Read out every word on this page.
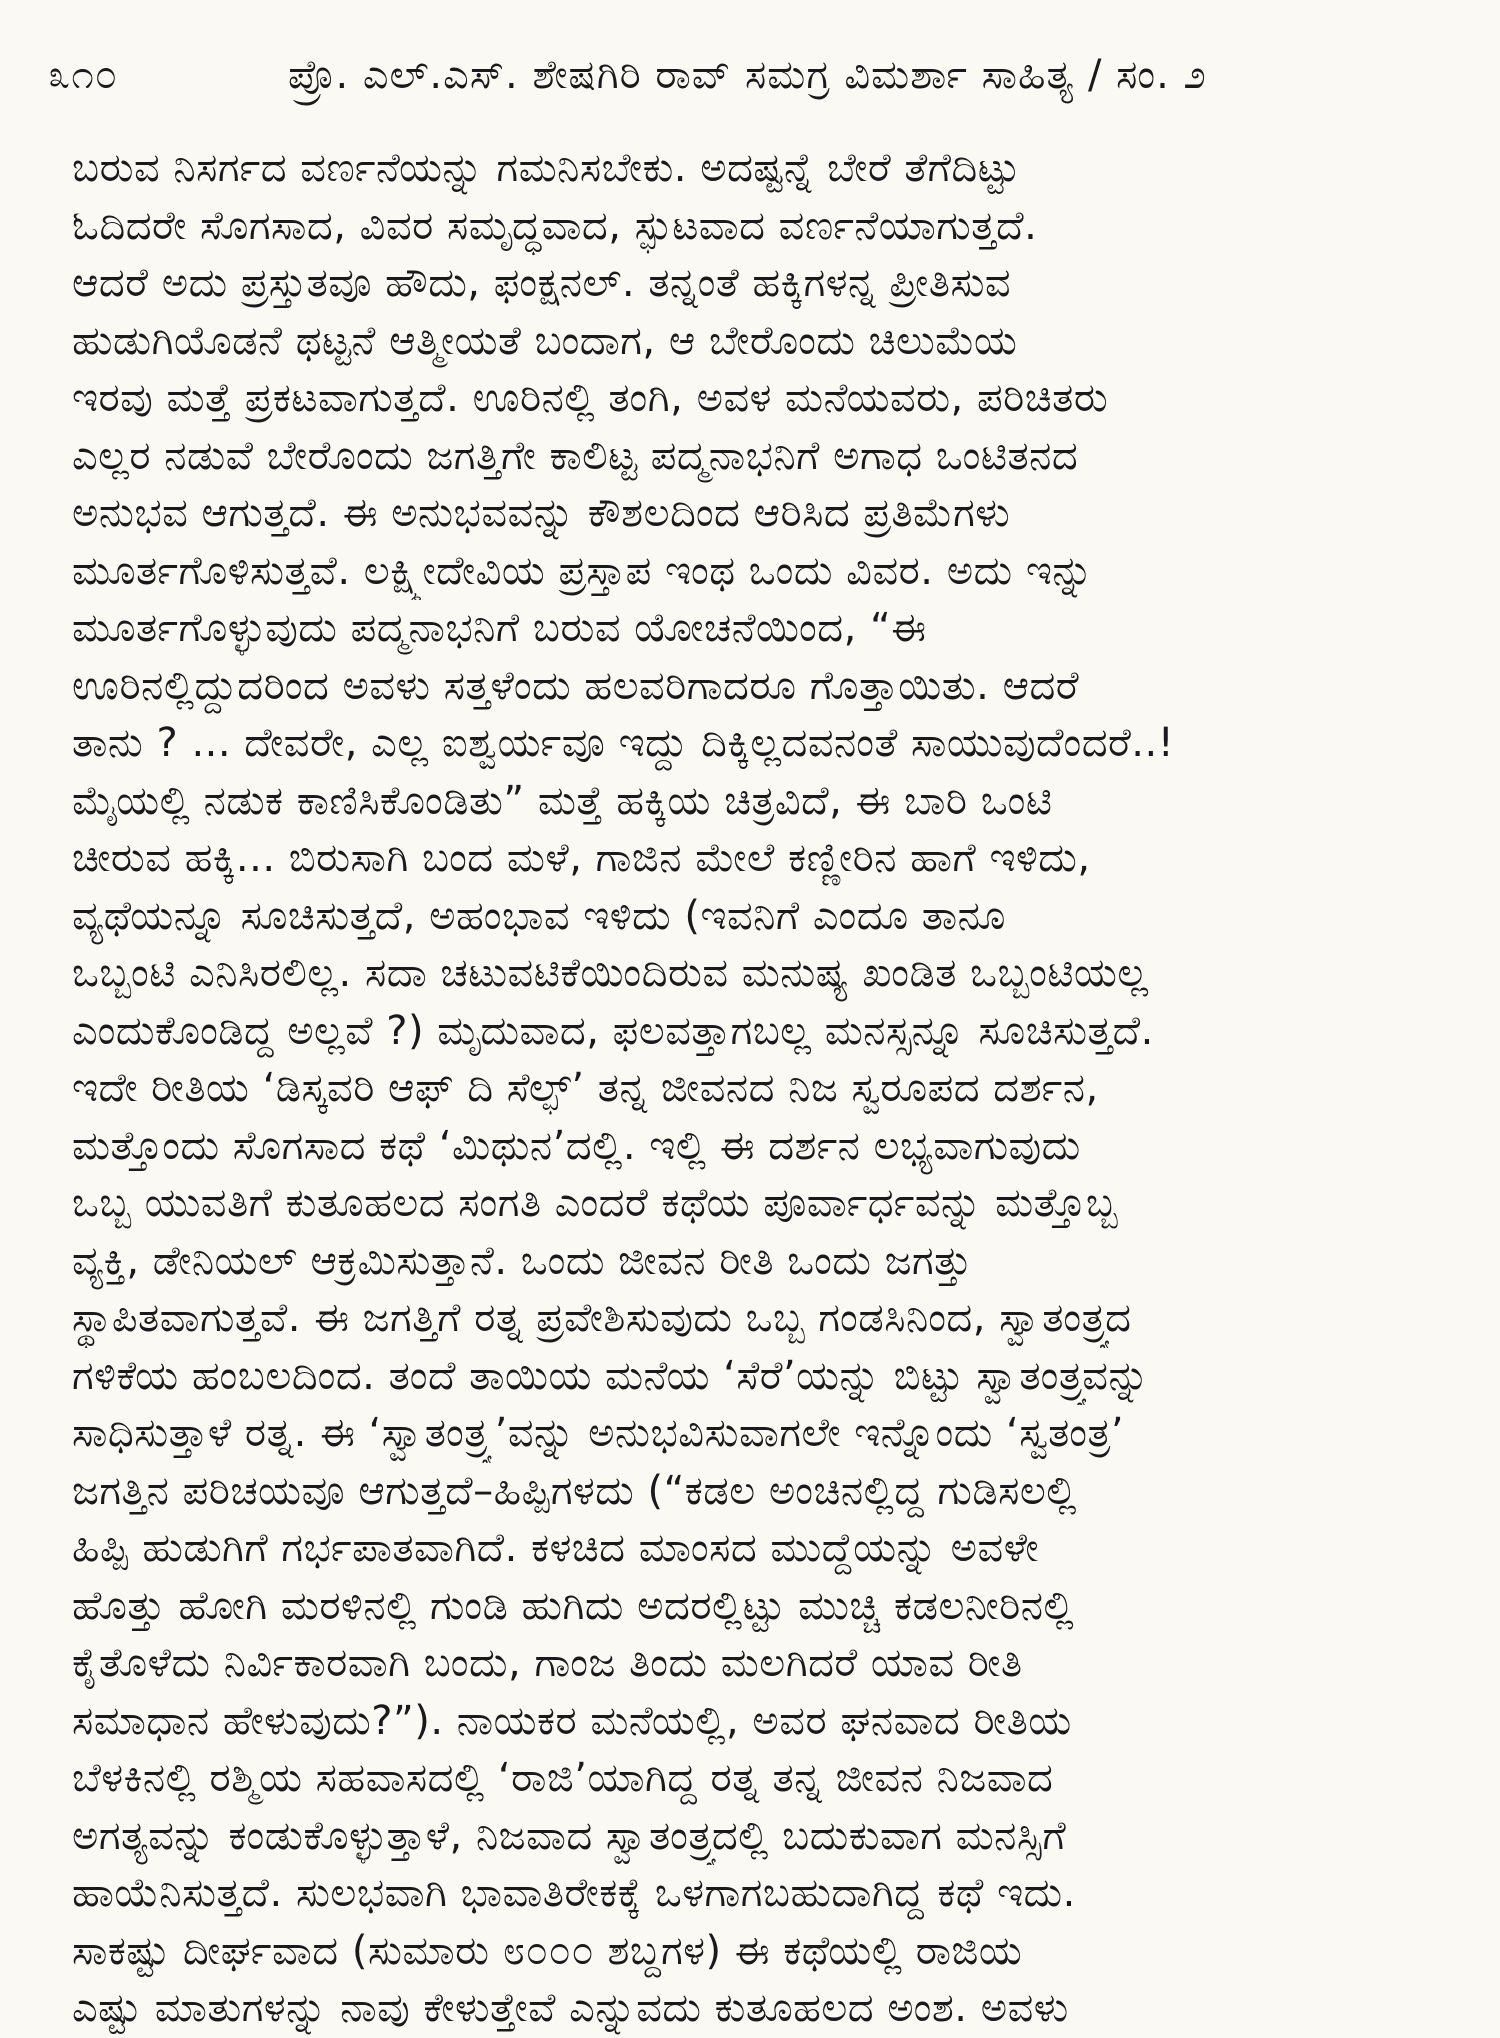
೩೧೦	ಪ್ರೊ. ಎಲ್.ಎಸ್. ಶೇಷಗಿರಿ ರಾವ್ ಸಮಗ್ರ ವಿಮರ್ಶಾ ಸಾಹಿತ್ಯ / ಸಂ. ೨
ಬರುವ ನಿಸರ್ಗದ ವರ್ಣನೆಯನ್ನು ಗಮನಿಸಬೇಕು. ಅದಷ್ಟನ್ನೆ ಬೇರೆ ತೆಗೆದಿಟ್ಟು
ಓದಿದರೇ ಸೊಗಸಾದ, ವಿವರ ಸಮೃದ್ಧವಾದ, ಸ್ಫುಟವಾದ ವರ್ಣನೆಯಾಗುತ್ತದೆ.
ಆದರೆ ಅದು ಪ್ರಸ್ತುತವೂ ಹೌದು, ಫಂಕ್ಷನಲ್. ತನ್ನಂತೆ ಹಕ್ಕಿಗಳನ್ನ ಪ್ರೀತಿಸುವ
ಹುಡುಗಿಯೊಡನೆ ಥಟ್ಟನೆ ಆತ್ಮೀಯತೆ ಬಂದಾಗ, ಆ ಬೇರೊಂದು ಚಿಲುಮೆಯ
ಇರವು ಮತ್ತೆ ಪ್ರಕಟವಾಗುತ್ತದೆ. ಊರಿನಲ್ಲಿ ತಂಗಿ, ಅವಳ ಮನೆಯವರು, ಪರಿಚಿತರು
ಎಲ್ಲರ ನಡುವೆ ಬೇರೊಂದು ಜಗತ್ತಿಗೇ ಕಾಲಿಟ್ಟ ಪದ್ಮನಾಭನಿಗೆ ಅಗಾಧ ಒಂಟಿತನದ
ಅನುಭವ ಆಗುತ್ತದೆ. ಈ ಅನುಭವವನ್ನು ಕೌಶಲದಿಂದ ಆರಿಸಿದ ಪ್ರತಿಮೆಗಳು
ಮೂರ್ತಗೊಳಿಸುತ್ತವೆ. ಲಕ್ಷ್ಮೀದೇವಿಯ ಪ್ರಸ್ತಾಪ ಇಂಥ ಒಂದು ವಿವರ. ಅದು ಇನ್ನು
ಮೂರ್ತಗೊಳ್ಳುವುದು ಪದ್ಮನಾಭನಿಗೆ ಬರುವ ಯೋಚನೆಯಿಂದ, “ಈ
ಊರಿನಲ್ಲಿದ್ದುದರಿಂದ ಅವಳು ಸತ್ತಳೆಂದು ಹಲವರಿಗಾದರೂ ಗೊತ್ತಾಯಿತು. ಆದರೆ
ತಾನು ? ... ದೇವರೇ, ಎಲ್ಲ ಐಶ್ವರ್ಯವೂ ಇದ್ದು ದಿಕ್ಕಿಲ್ಲದವನಂತೆ ಸಾಯುವುದೆಂದರೆ..!
ಮೈಯಲ್ಲಿ ನಡುಕ ಕಾಣಿಸಿಕೊಂಡಿತು” ಮತ್ತೆ ಹಕ್ಕಿಯ ಚಿತ್ರವಿದೆ, ಈ ಬಾರಿ ಒಂಟಿ
ಚೀರುವ ಹಕ್ಕಿ... ಬಿರುಸಾಗಿ ಬಂದ ಮಳೆ, ಗಾಜಿನ ಮೇಲೆ ಕಣ್ಣೀರಿನ ಹಾಗೆ ಇಳಿದು,
ವ್ಯಥೆಯನ್ನೂ ಸೂಚಿಸುತ್ತದೆ, ಅಹಂಭಾವ ಇಳಿದು (ಇವನಿಗೆ ಎಂದೂ ತಾನೂ
ಒಬ್ಬಂಟಿ ಎನಿಸಿರಲಿಲ್ಲ. ಸದಾ ಚಟುವಟಿಕೆಯಿಂದಿರುವ ಮನುಷ್ಯ ಖಂಡಿತ ಒಬ್ಬಂಟಿಯಲ್ಲ
ಎಂದುಕೊಂಡಿದ್ದ ಅಲ್ಲವೆ ?) ಮೃದುವಾದ, ಫಲವತ್ತಾಗಬಲ್ಲ ಮನಸ್ಸನ್ನೂ ಸೂಚಿಸುತ್ತದೆ.
ಇದೇ ರೀತಿಯ ‘ಡಿಸ್ಕವರಿ ಆಫ್ ದಿ ಸೆಲ್ಫ್’ ತನ್ನ ಜೀವನದ ನಿಜ ಸ್ವರೂಪದ ದರ್ಶನ,
ಮತ್ತೊಂದು ಸೊಗಸಾದ ಕಥೆ ‘ಮಿಥುನ’ದಲ್ಲಿ. ಇಲ್ಲಿ ಈ ದರ್ಶನ ಲಭ್ಯವಾಗುವುದು
ಒಬ್ಬ ಯುವತಿಗೆ ಕುತೂಹಲದ ಸಂಗತಿ ಎಂದರೆ ಕಥೆಯ ಪೂರ್ವಾರ್ಧವನ್ನು ಮತ್ತೊಬ್ಬ
ವ್ಯಕ್ತಿ, ಡೇನಿಯಲ್ ಆಕ್ರಮಿಸುತ್ತಾನೆ. ಒಂದು ಜೀವನ ರೀತಿ ಒಂದು ಜಗತ್ತು
ಸ್ಥಾಪಿತವಾಗುತ್ತವೆ. ಈ ಜಗತ್ತಿಗೆ ರತ್ನ ಪ್ರವೇಶಿಸುವುದು ಒಬ್ಬ ಗಂಡಸಿನಿಂದ, ಸ್ವಾತಂತ್ರ್ಯದ
ಗಳಿಕೆಯ ಹಂಬಲದಿಂದ. ತಂದೆ ತಾಯಿಯ ಮನೆಯ ‘ಸೆರೆ’ಯನ್ನು ಬಿಟ್ಟು ಸ್ವಾತಂತ್ರ್ಯವನ್ನು
ಸಾಧಿಸುತ್ತಾಳೆ ರತ್ನ. ಈ ‘ಸ್ವಾತಂತ್ರ್ಯ’ವನ್ನು ಅನುಭವಿಸುವಾಗಲೇ ಇನ್ನೊಂದು ‘ಸ್ವತಂತ್ರ’
ಜಗತ್ತಿನ ಪರಿಚಯವೂ ಆಗುತ್ತದೆ–ಹಿಪ್ಪಿಗಳದು (“ಕಡಲ ಅಂಚಿನಲ್ಲಿದ್ದ ಗುಡಿಸಲಲ್ಲಿ
ಹಿಪ್ಪಿ ಹುಡುಗಿಗೆ ಗರ್ಭಪಾತವಾಗಿದೆ. ಕಳಚಿದ ಮಾಂಸದ ಮುದ್ದೆಯನ್ನು ಅವಳೇ
ಹೊತ್ತು ಹೋಗಿ ಮರಳಿನಲ್ಲಿ ಗುಂಡಿ ಹುಗಿದು ಅದರಲ್ಲಿಟ್ಟು ಮುಚ್ಚಿ ಕಡಲನೀರಿನಲ್ಲಿ
ಕೈತೊಳೆದು ನಿರ್ವಿಕಾರವಾಗಿ ಬಂದು, ಗಾಂಜ ತಿಂದು ಮಲಗಿದರೆ ಯಾವ ರೀತಿ
ಸಮಾಧಾನ ಹೇಳುವುದು?”). ನಾಯಕರ ಮನೆಯಲ್ಲಿ, ಅವರ ಘನವಾದ ರೀತಿಯ
ಬೆಳಕಿನಲ್ಲಿ ರಶ್ಮಿಯ ಸಹವಾಸದಲ್ಲಿ ‘ರಾಜಿ’ಯಾಗಿದ್ದ ರತ್ನ ತನ್ನ ಜೀವನ ನಿಜವಾದ
ಅಗತ್ಯವನ್ನು ಕಂಡುಕೊಳ್ಳುತ್ತಾಳೆ, ನಿಜವಾದ ಸ್ವಾತಂತ್ರ್ಯದಲ್ಲಿ ಬದುಕುವಾಗ ಮನಸ್ಸಿಗೆ
ಹಾಯೆನಿಸುತ್ತದೆ. ಸುಲಭವಾಗಿ ಭಾವಾತಿರೇಕಕ್ಕೆ ಒಳಗಾಗಬಹುದಾಗಿದ್ದ ಕಥೆ ಇದು.
ಸಾಕಷ್ಟು ದೀರ್ಘವಾದ (ಸುಮಾರು ೮೦೦೦ ಶಬ್ದಗಳ) ಈ ಕಥೆಯಲ್ಲಿ ರಾಜಿಯ
ಎಷ್ಟು ಮಾತುಗಳನ್ನು ನಾವು ಕೇಳುತ್ತೇವೆ ಎನ್ನುವದು ಕುತೂಹಲದ ಅಂಶ. ಅವಳು
